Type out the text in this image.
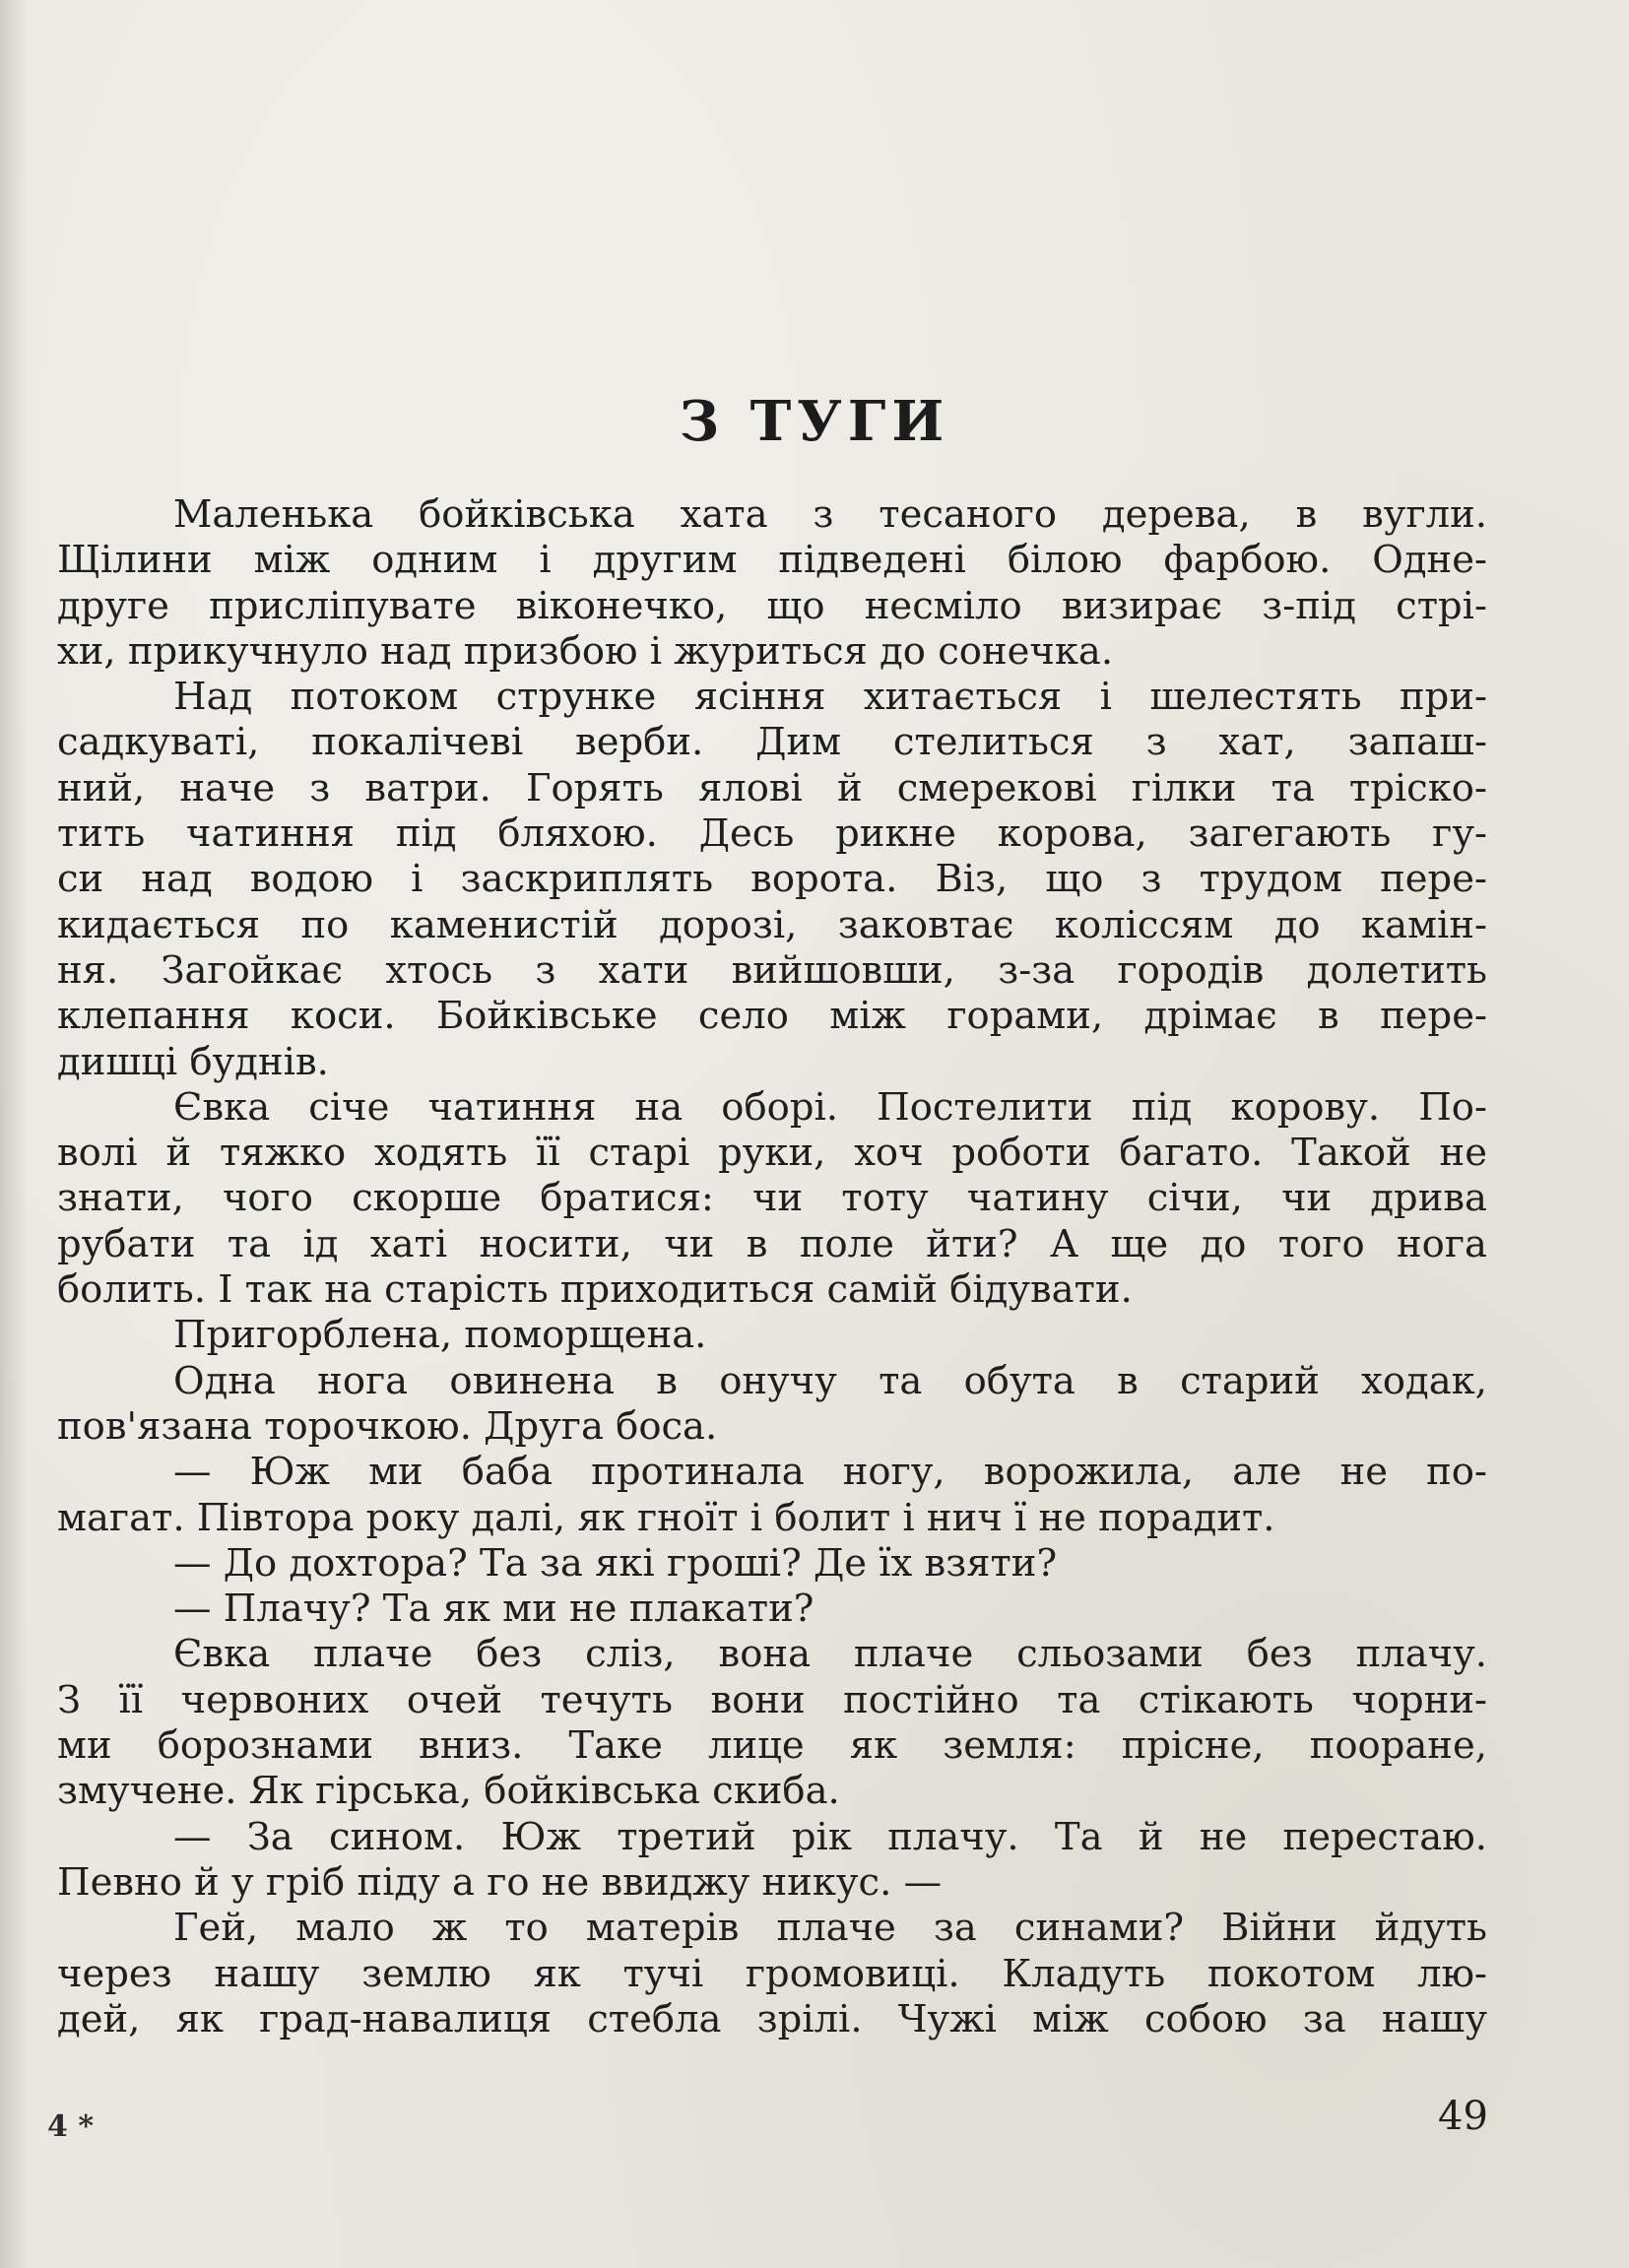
З ТУГИ
Маленька бойківська хата з тесаного дерева, в вугли.
Щілини між одним і другим підведені білою фарбою. Одне-
друге прислiпувате віконечко, що несміло визирає з-під стрі-
хи, прикучнуло над призбою і журиться до сонечка.
Над потоком струнке ясіння хитається і шелестять при-
садкуваті, покалічеві верби. Дим стелиться з хат, запаш-
ний, наче з ватри. Горять ялові й смерекові гілки та тріско-
тить чатиння під бляхою. Десь рикне корова, загегають гу-
си над водою і заскриплять ворота. Віз, що з трудом пере-
кидається по каменистій дорозі, заковтає коліссям до камін-
ня. Загойкає хтось з хати вийшовши, з-за городів долетить
клепання коси. Бойківське село між горами, дрімає в пере-
дишці буднів.
Євка січе чатиння на оборі. Постелити під корову. По-
волі й тяжко ходять її старі руки, хоч роботи багато. Такой не
знати, чого скорше братися: чи тоту чатину січи, чи дрива
рубати та ід хаті носити, чи в поле йти? А ще до того нога
болить. І так на старість приходиться самій бідувати.
Пригорблена, поморщена.
Одна нога овинена в онучу та обута в старий ходак,
пов'язана торочкою. Друга боса.
— Юж ми баба протинала ногу, ворожила, але не по-
магат. Півтора року далі, як гноїт і болит і нич ї не порадит.
— До дохтора? Та за які гроші? Де їх взяти?
— Плачу? Та як ми не плакати?
Євка плаче без сліз, вона плаче сльозами без плачу.
З її червоних очей течуть вони постійно та стікають чорни-
ми борознами вниз. Таке лице як земля: прісне, пооране,
змучене. Як гірська, бойківська скиба.
— За сином. Юж третий рік плачу. Та й не перестаю.
Певно й у гріб піду а го не ввиджу никус. —
Гей, мало ж то матерів плаче за синами? Війни йдуть
через нашу землю як тучі громовиці. Кладуть покотом лю-
дей, як град-навалиця стебла зрілі. Чужі між собою за нашу
4 *	49
